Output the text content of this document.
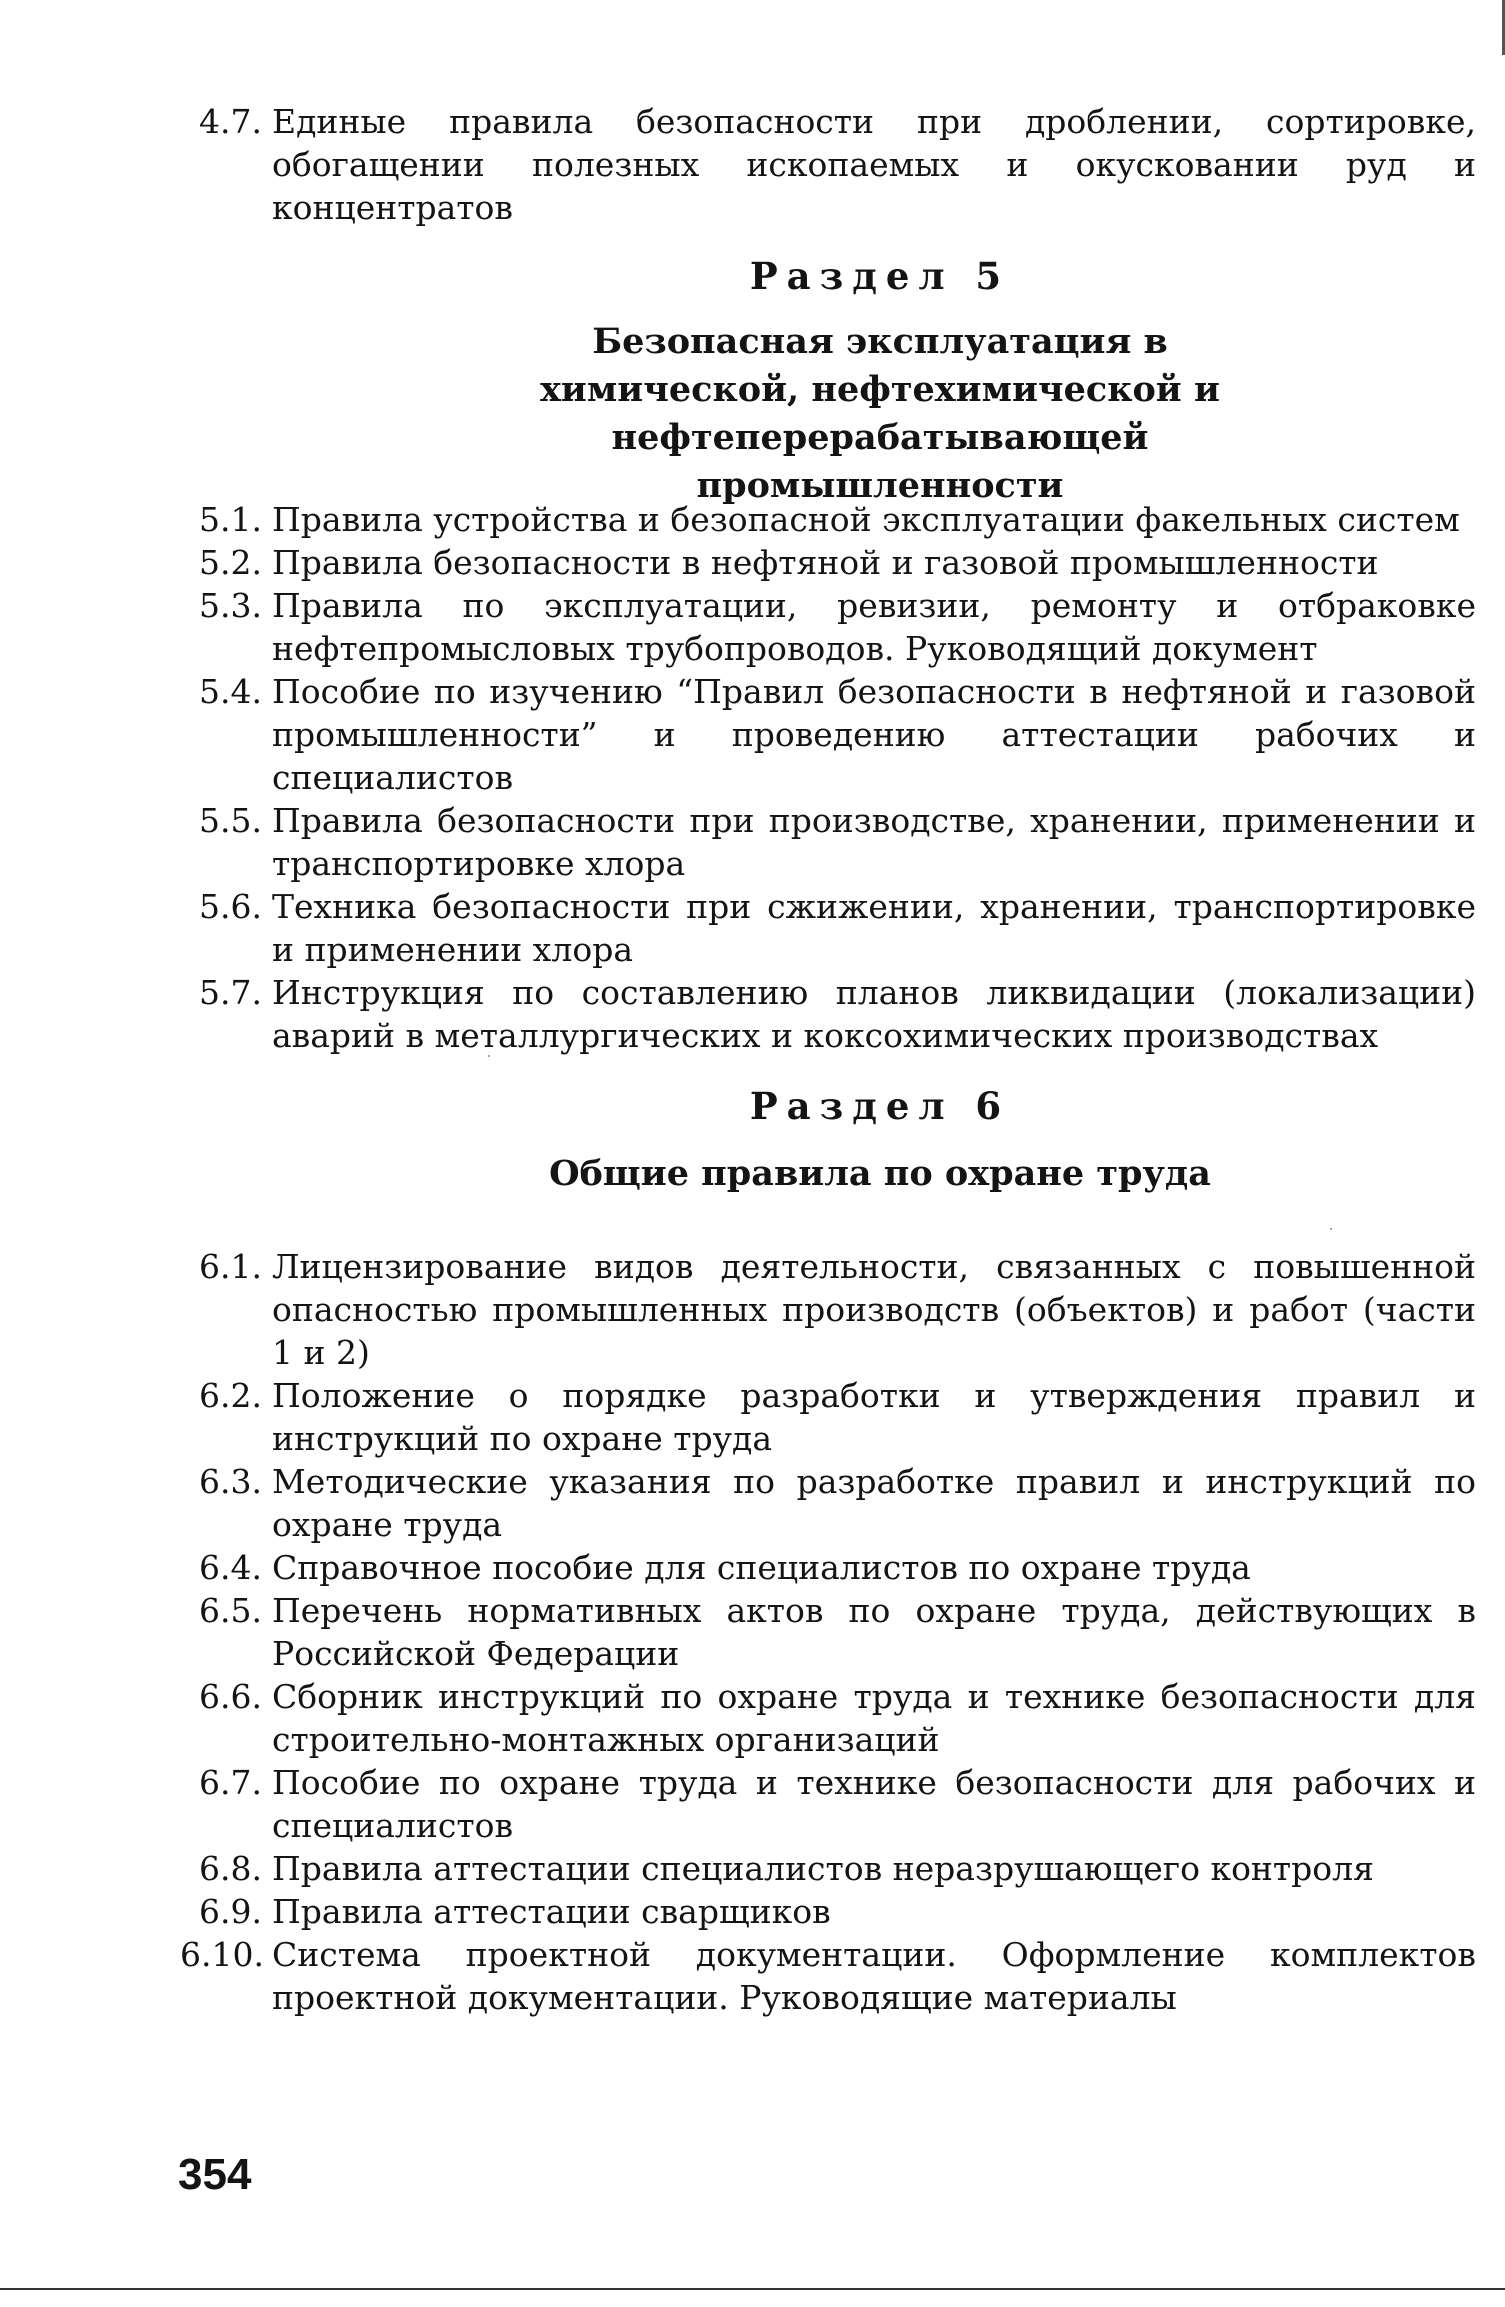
4.7. Единые правила безопасности при дроблении, сортировке, обогащении полезных ископаемых и окусковании руд и концентратов
Раздел 5
Безопасная эксплуатация в химической, нефтехимической и нефтеперерабатывающей промышленности
5.1. Правила устройства и безопасной эксплуатации факельных систем
5.2. Правила безопасности в нефтяной и газовой промышленности
5.3. Правила по эксплуатации, ревизии, ремонту и отбраковке нефтепромысловых трубопроводов. Руководящий документ
5.4. Пособие по изучению “Правил безопасности в нефтяной и газовой промышленности” и проведению аттестации рабочих и специалистов
5.5. Правила безопасности при производстве, хранении, применении и транспортировке хлора
5.6. Техника безопасности при сжижении, хранении, транспортировке и применении хлора
5.7. Инструкция по составлению планов ликвидации (локализации) аварий в металлургических и коксохимических производствах
Раздел 6
Общие правила по охране труда
6.1. Лицензирование видов деятельности, связанных с повышенной опасностью промышленных производств (объектов) и работ (части 1 и 2)
6.2. Положение о порядке разработки и утверждения правил и инструкций по охране труда
6.3. Методические указания по разработке правил и инструкций по охране труда
6.4. Справочное пособие для специалистов по охране труда
6.5. Перечень нормативных актов по охране труда, действующих в Российской Федерации
6.6. Сборник инструкций по охране труда и технике безопасности для строительно-монтажных организаций
6.7. Пособие по охране труда и технике безопасности для рабочих и специалистов
6.8. Правила аттестации специалистов неразрушающего контроля
6.9. Правила аттестации сварщиков
6.10. Система проектной документации. Оформление комплектов проектной документации. Руководящие материалы
354
